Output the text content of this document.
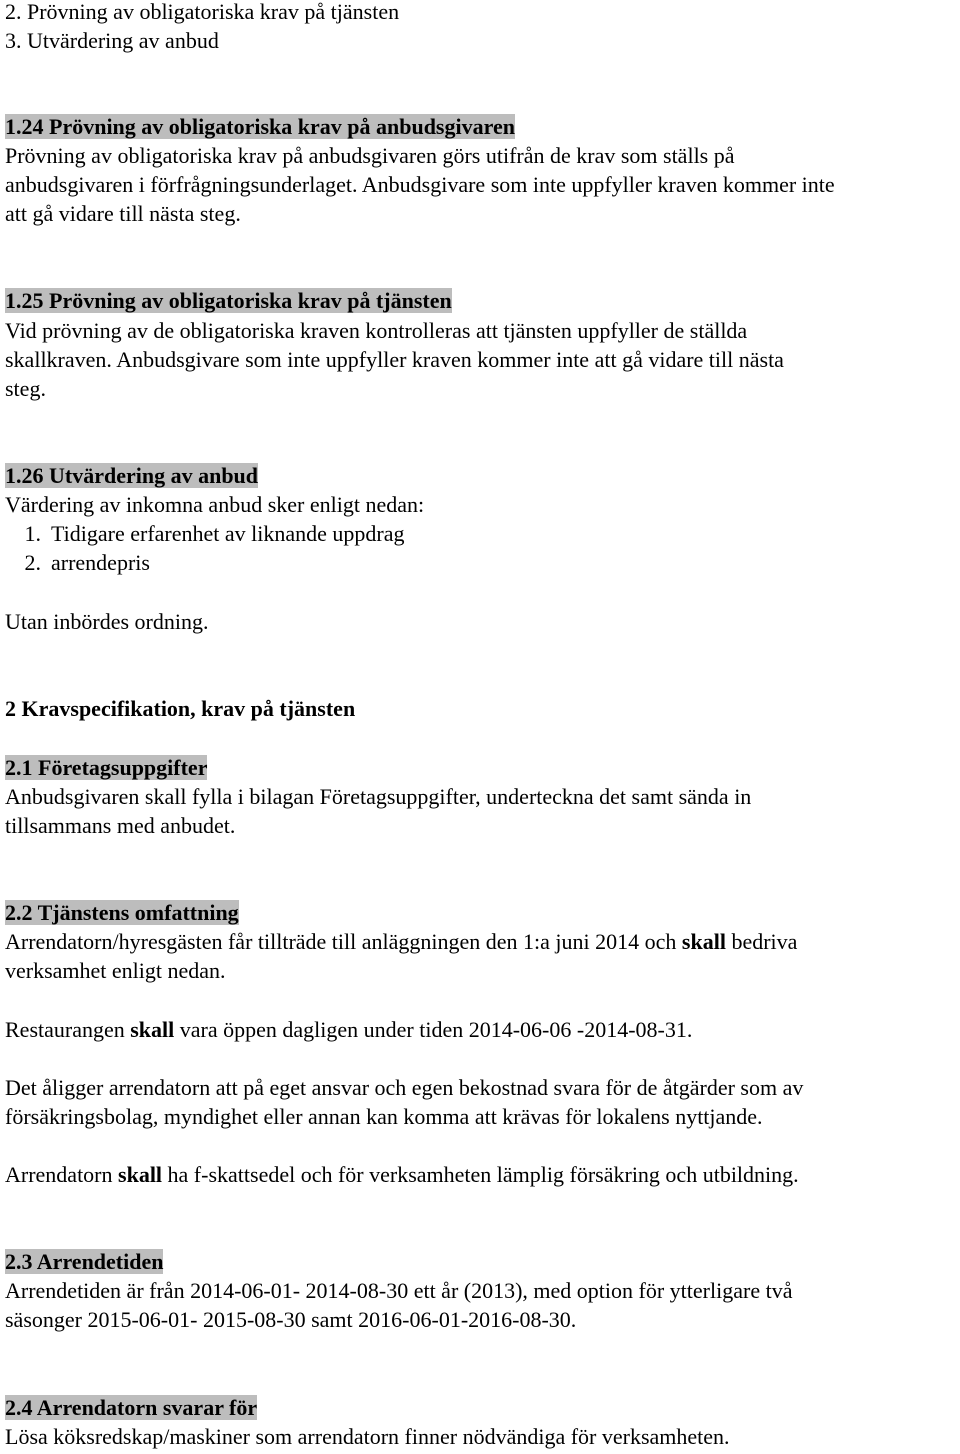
2. Prövning av obligatoriska krav på tjänsten
3. Utvärdering av anbud
1.24 Prövning av obligatoriska krav på anbudsgivaren
Prövning av obligatoriska krav på anbudsgivaren görs utifrån de krav som ställs på
anbudsgivaren i förfrågningsunderlaget. Anbudsgivare som inte uppfyller kraven kommer inte
att gå vidare till nästa steg.
1.25 Prövning av obligatoriska krav på tjänsten
Vid prövning av de obligatoriska kraven kontrolleras att tjänsten uppfyller de ställda
skallkraven. Anbudsgivare som inte uppfyller kraven kommer inte att gå vidare till nästa
steg.
1.26 Utvärdering av anbud
Värdering av inkomna anbud sker enligt nedan:
1. Tidigare erfarenhet av liknande uppdrag
2. arrendepris
Utan inbördes ordning.
2 Kravspecifikation, krav på tjänsten
2.1 Företagsuppgifter
Anbudsgivaren skall fylla i bilagan Företagsuppgifter, underteckna det samt sända in
tillsammans med anbudet.
2.2 Tjänstens omfattning
Arrendatorn/hyresgästen får tillträde till anläggningen den 1:a juni 2014 och skall bedriva
verksamhet enligt nedan.
Restaurangen skall vara öppen dagligen under tiden 2014-06-06 -2014-08-31.
Det åligger arrendatorn att på eget ansvar och egen bekostnad svara för de åtgärder som av
försäkringsbolag, myndighet eller annan kan komma att krävas för lokalens nyttjande.
Arrendatorn skall ha f-skattsedel och för verksamheten lämplig försäkring och utbildning.
2.3 Arrendetiden
Arrendetiden är från 2014-06-01- 2014-08-30 ett år (2013), med option för ytterligare två
säsonger 2015-06-01- 2015-08-30 samt 2016-06-01-2016-08-30.
2.4 Arrendatorn svarar för
Lösa köksredskap/maskiner som arrendatorn finner nödvändiga för verksamheten.
